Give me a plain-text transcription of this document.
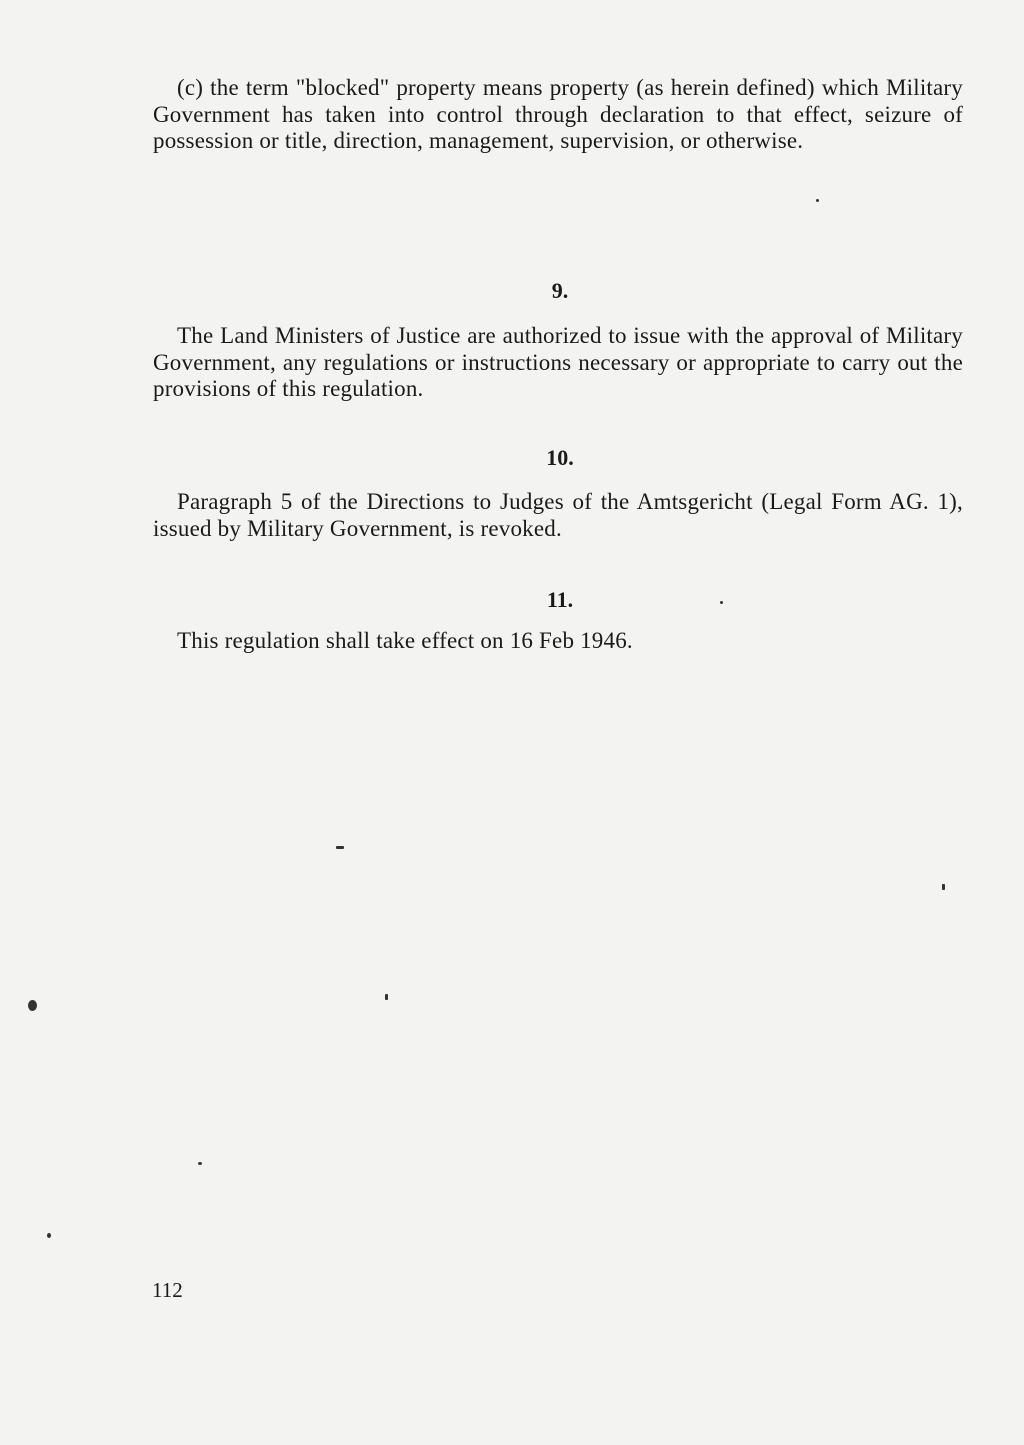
(c) the term "blocked" property means property (as herein defined) which Military Government has taken into control through declaration to that effect, seizure of possession or title, direction, management, supervision, or otherwise.

9.

The Land Ministers of Justice are authorized to issue with the approval of Military Government, any regulations or instructions necessary or appropriate to carry out the provisions of this regulation.

10.

Paragraph 5 of the Directions to Judges of the Amtsgericht (Legal Form AG. 1), issued by Military Government, is revoked.

11.

This regulation shall take effect on 16 Feb 1946.

112
